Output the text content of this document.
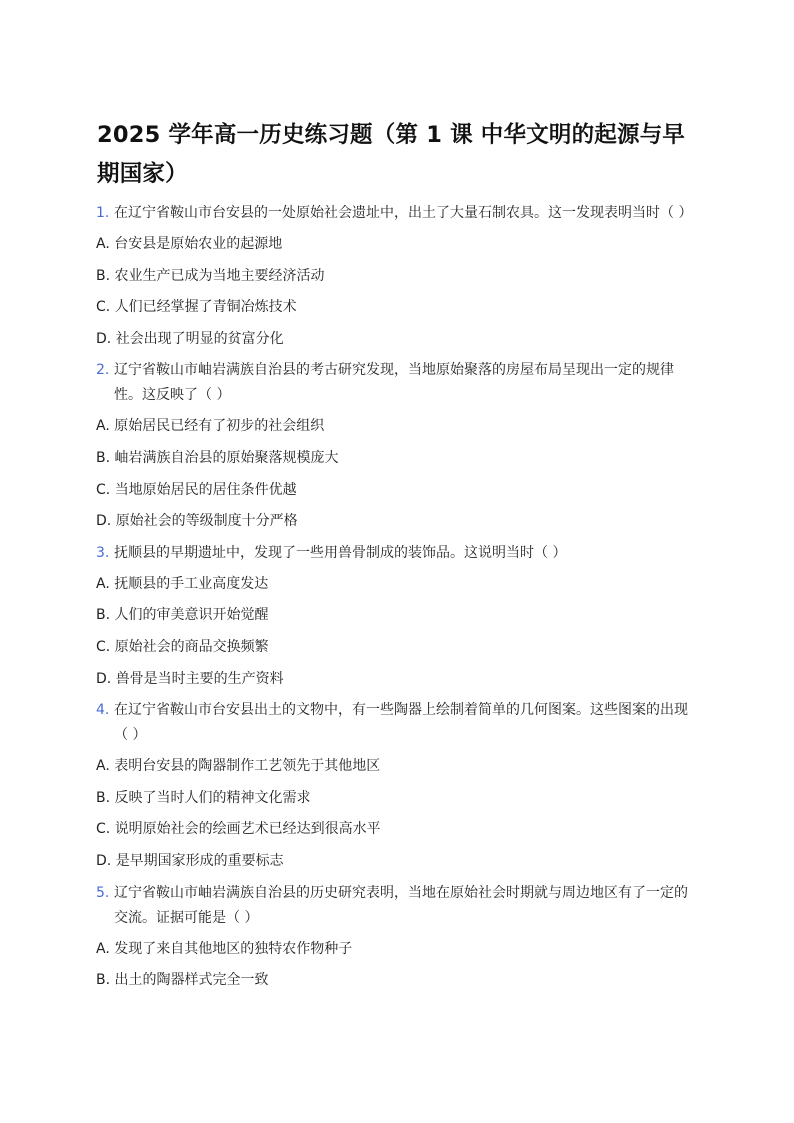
2025 学年高一历史练习题（第 1 课 中华文明的起源与早期国家）
1. 在辽宁省鞍山市台安县的一处原始社会遗址中，出土了大量石制农具。这一发现表明当时（ ）
A. 台安县是原始农业的起源地
B. 农业生产已成为当地主要经济活动
C. 人们已经掌握了青铜冶炼技术
D. 社会出现了明显的贫富分化
2. 辽宁省鞍山市岫岩满族自治县的考古研究发现，当地原始聚落的房屋布局呈现出一定的规律性。这反映了（ ）
A. 原始居民已经有了初步的社会组织
B. 岫岩满族自治县的原始聚落规模庞大
C. 当地原始居民的居住条件优越
D. 原始社会的等级制度十分严格
3. 抚顺县的早期遗址中，发现了一些用兽骨制成的装饰品。这说明当时（ ）
A. 抚顺县的手工业高度发达
B. 人们的审美意识开始觉醒
C. 原始社会的商品交换频繁
D. 兽骨是当时主要的生产资料
4. 在辽宁省鞍山市台安县出土的文物中，有一些陶器上绘制着简单的几何图案。这些图案的出现（ ）
A. 表明台安县的陶器制作工艺领先于其他地区
B. 反映了当时人们的精神文化需求
C. 说明原始社会的绘画艺术已经达到很高水平
D. 是早期国家形成的重要标志
5. 辽宁省鞍山市岫岩满族自治县的历史研究表明，当地在原始社会时期就与周边地区有了一定的交流。证据可能是（ ）
A. 发现了来自其他地区的独特农作物种子
B. 出土的陶器样式完全一致
